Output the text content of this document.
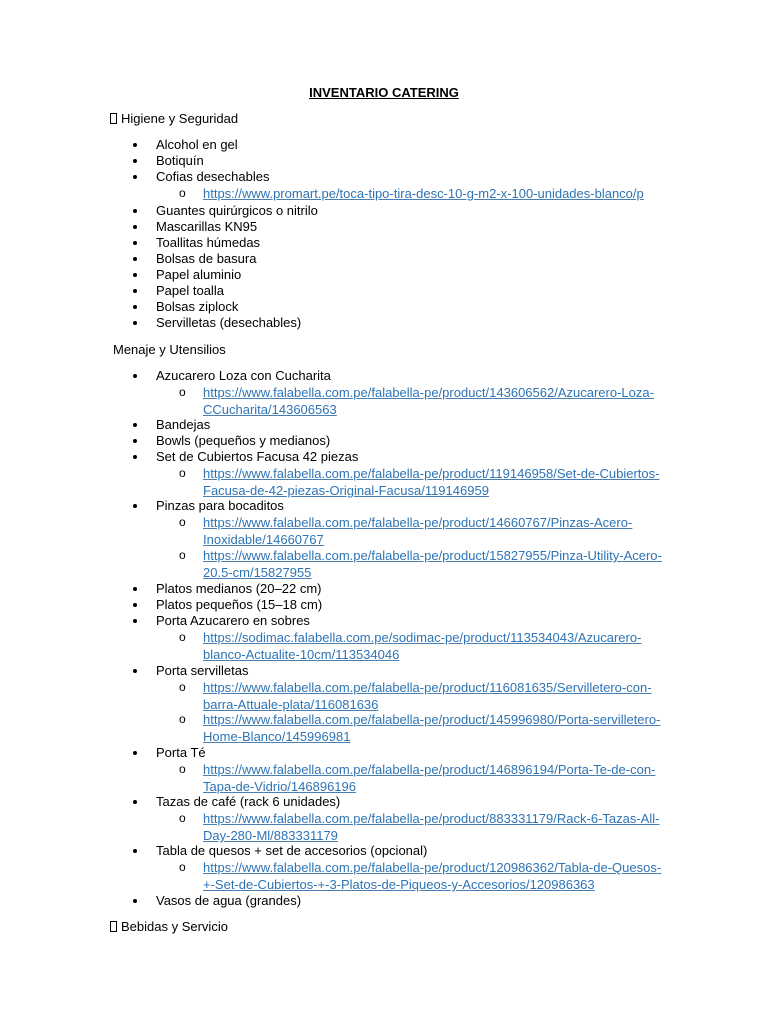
INVENTARIO CATERING
Higiene y Seguridad
Alcohol en gel
Botiquín
Cofias desechables
o https://www.promart.pe/toca-tipo-tira-desc-10-g-m2-x-100-unidades-blanco/p
Guantes quirúrgicos o nitrilo
Mascarillas KN95
Toallitas húmedas
Bolsas de basura
Papel aluminio
Papel toalla
Bolsas ziplock
Servilletas (desechables)
Menaje y Utensilios
Azucarero Loza con Cucharita
o https://www.falabella.com.pe/falabella-pe/product/143606562/Azucarero-Loza-CCucharita/143606563
Bandejas
Bowls (pequeños y medianos)
Set de Cubiertos Facusa 42 piezas
o https://www.falabella.com.pe/falabella-pe/product/119146958/Set-de-Cubiertos-Facusa-de-42-piezas-Original-Facusa/119146959
Pinzas para bocaditos
o https://www.falabella.com.pe/falabella-pe/product/14660767/Pinzas-Acero-Inoxidable/14660767
o https://www.falabella.com.pe/falabella-pe/product/15827955/Pinza-Utility-Acero-20.5-cm/15827955
Platos medianos (20–22 cm)
Platos pequeños (15–18 cm)
Porta Azucarero en sobres
o https://sodimac.falabella.com.pe/sodimac-pe/product/113534043/Azucarero-blanco-Actualite-10cm/113534046
Porta servilletas
o https://www.falabella.com.pe/falabella-pe/product/116081635/Servilletero-con-barra-Attuale-plata/116081636
o https://www.falabella.com.pe/falabella-pe/product/145996980/Porta-servilletero-Home-Blanco/145996981
Porta Té
o https://www.falabella.com.pe/falabella-pe/product/146896194/Porta-Te-de-con-Tapa-de-Vidrio/146896196
Tazas de café (rack 6 unidades)
o https://www.falabella.com.pe/falabella-pe/product/883331179/Rack-6-Tazas-All-Day-280-Ml/883331179
Tabla de quesos + set de accesorios (opcional)
o https://www.falabella.com.pe/falabella-pe/product/120986362/Tabla-de-Quesos-+-Set-de-Cubiertos-+-3-Platos-de-Piqueos-y-Accesorios/120986363
Vasos de agua (grandes)
Bebidas y Servicio
